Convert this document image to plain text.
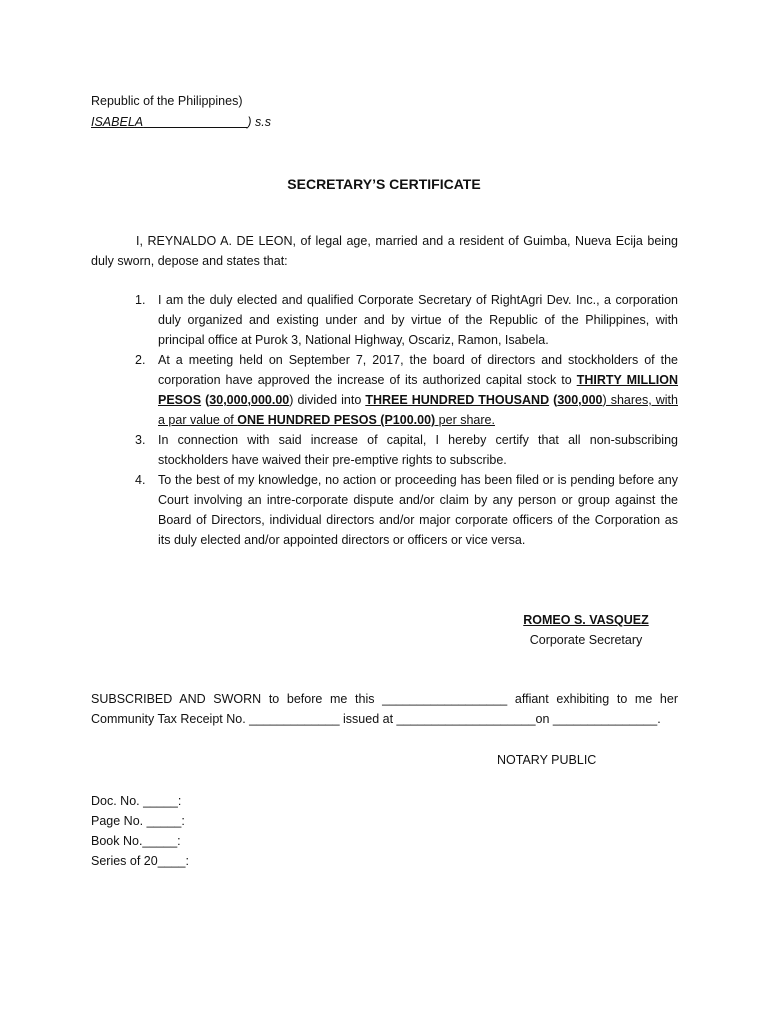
Republic of the Philippines)
ISABELA_______________) s.s
SECRETARY’S CERTIFICATE
I, REYNALDO A. DE LEON, of legal age, married and a resident of Guimba, Nueva Ecija being duly sworn, depose and states that:
1. I am the duly elected and qualified Corporate Secretary of RightAgri Dev. Inc., a corporation duly organized and existing under and by virtue of the Republic of the Philippines, with principal office at Purok 3, National Highway, Oscariz, Ramon, Isabela.
2. At a meeting held on September 7, 2017, the board of directors and stockholders of the corporation have approved the increase of its authorized capital stock to THIRTY MILLION PESOS (30,000,000.00) divided into THREE HUNDRED THOUSAND (300,000) shares, with a par value of ONE HUNDRED PESOS (P100.00) per share.
3. In connection with said increase of capital, I hereby certify that all non-subscribing stockholders have waived their pre-emptive rights to subscribe.
4. To the best of my knowledge, no action or proceeding has been filed or is pending before any Court involving an intre-corporate dispute and/or claim by any person or group against the Board of Directors, individual directors and/or major corporate officers of the Corporation as its duly elected and/or appointed directors or officers or vice versa.
ROMEO S. VASQUEZ
Corporate Secretary
SUBSCRIBED AND SWORN to before me this __________________ affiant exhibiting to me her Community Tax Receipt No. _____________ issued at ____________________on _______________.
NOTARY PUBLIC
Doc. No. _____:
Page No. _____:
Book No._____:
Series of 20____:
